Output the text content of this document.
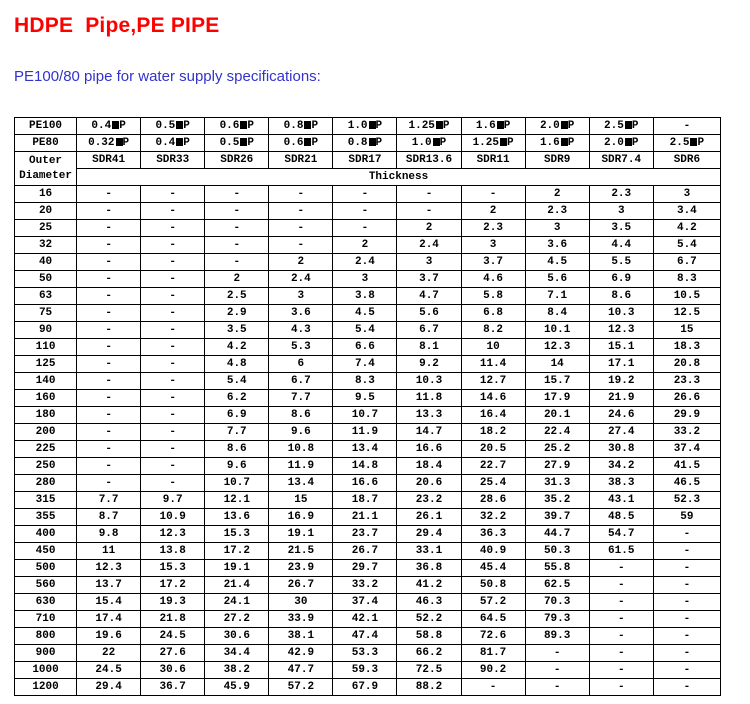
HDPE  Pipe,PE PIPE
PE100/80 pipe for water supply specifications:
PE100	0.4 P	0.5 P	0.6 P	0.8 P	1.0 P	1.25 P	1.6 P	2.0 P	2.5 P	-
PE80	0.32 P	0.4 P	0.5 P	0.6 P	0.8 P	1.0 P	1.25 P	1.6 P	2.0 P	2.5 P

Outer
Diameter	SDR41	SDR33	SDR26	SDR21	SDR17	SDR13.6	SDR11	SDR9	SDR7.4	SDR6
	Thickness									
16	-	-	-	-	-	-	-	2	2.3	3
20	-	-	-	-	-	-	2	2.3	3	3.4
25	-	-	-	-	-	2	2.3	3	3.5	4.2
32	-	-	-	-	2	2.4	3	3.6	4.4	5.4
40	-	-	-	2	2.4	3	3.7	4.5	5.5	6.7
50	-	-	2	2.4	3	3.7	4.6	5.6	6.9	8.3
63	-	-	2.5	3	3.8	4.7	5.8	7.1	8.6	10.5
75	-	-	2.9	3.6	4.5	5.6	6.8	8.4	10.3	12.5
90	-	-	3.5	4.3	5.4	6.7	8.2	10.1	12.3	15
110	-	-	4.2	5.3	6.6	8.1	10	12.3	15.1	18.3
125	-	-	4.8	6	7.4	9.2	11.4	14	17.1	20.8
140	-	-	5.4	6.7	8.3	10.3	12.7	15.7	19.2	23.3
160	-	-	6.2	7.7	9.5	11.8	14.6	17.9	21.9	26.6
180	-	-	6.9	8.6	10.7	13.3	16.4	20.1	24.6	29.9
200	-	-	7.7	9.6	11.9	14.7	18.2	22.4	27.4	33.2
225	-	-	8.6	10.8	13.4	16.6	20.5	25.2	30.8	37.4
250	-	-	9.6	11.9	14.8	18.4	22.7	27.9	34.2	41.5
280	-	-	10.7	13.4	16.6	20.6	25.4	31.3	38.3	46.5
315	7.7	9.7	12.1	15	18.7	23.2	28.6	35.2	43.1	52.3
355	8.7	10.9	13.6	16.9	21.1	26.1	32.2	39.7	48.5	59
400	9.8	12.3	15.3	19.1	23.7	29.4	36.3	44.7	54.7	-
450	11	13.8	17.2	21.5	26.7	33.1	40.9	50.3	61.5	-
500	12.3	15.3	19.1	23.9	29.7	36.8	45.4	55.8	-	-
560	13.7	17.2	21.4	26.7	33.2	41.2	50.8	62.5	-	-
630	15.4	19.3	24.1	30	37.4	46.3	57.2	70.3	-	-
710	17.4	21.8	27.2	33.9	42.1	52.2	64.5	79.3	-	-
800	19.6	24.5	30.6	38.1	47.4	58.8	72.6	89.3	-	-
900	22	27.6	34.4	42.9	53.3	66.2	81.7	-	-	-
1000	24.5	30.6	38.2	47.7	59.3	72.5	90.2	-	-	-
1200	29.4	36.7	45.9	57.2	67.9	88.2	-	-	-	-
